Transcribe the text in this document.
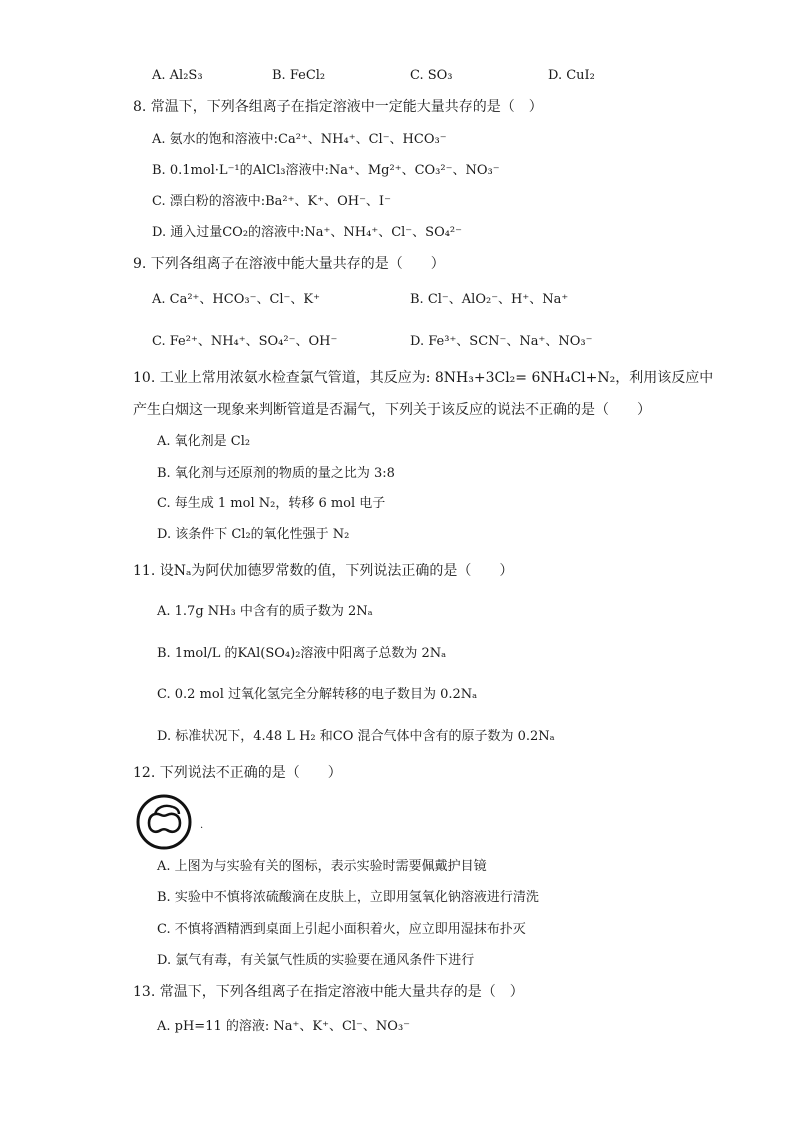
A. Al₂S₃	B. FeCl₂	C. SO₃	D. CuI₂
8. 常温下，下列各组离子在指定溶液中一定能大量共存的是（　）
A. 氨水的饱和溶液中:Ca²⁺、NH₄⁺、Cl⁻、HCO₃⁻
B. 0.1mol·L⁻¹的AlCl₃溶液中:Na⁺、Mg²⁺、CO₃²⁻、NO₃⁻
C. 漂白粉的溶液中:Ba²⁺、K⁺、OH⁻、I⁻
D. 通入过量CO₂的溶液中:Na⁺、NH₄⁺、Cl⁻、SO₄²⁻
9. 下列各组离子在溶液中能大量共存的是（　　）
A. Ca²⁺、HCO₃⁻、Cl⁻、K⁺	B. Cl⁻、AlO₂⁻、H⁺、Na⁺
C. Fe²⁺、NH₄⁺、SO₄²⁻、OH⁻	D. Fe³⁺、SCN⁻、Na⁺、NO₃⁻
10. 工业上常用浓氨水检查氯气管道，其反应为: 8NH₃+3Cl₂= 6NH₄Cl+N₂，利用该反应中
产生白烟这一现象来判断管道是否漏气，下列关于该反应的说法不正确的是（　　）
A. 氧化剂是 Cl₂
B. 氧化剂与还原剂的物质的量之比为 3:8
C. 每生成 1 mol N₂，转移 6 mol 电子
D. 该条件下 Cl₂的氧化性强于 N₂
11. 设Nₐ为阿伏加德罗常数的值，下列说法正确的是（　　）
A. 1.7g NH₃ 中含有的质子数为 2Nₐ
B. 1mol/L 的KAl(SO₄)₂溶液中阳离子总数为 2Nₐ
C. 0.2 mol 过氧化氢完全分解转移的电子数目为 0.2Nₐ
D. 标准状况下，4.48 L H₂ 和CO 混合气体中含有的原子数为 0.2Nₐ
12. 下列说法不正确的是（　　）
.
A. 上图为与实验有关的图标，表示实验时需要佩戴护目镜
B. 实验中不慎将浓硫酸滴在皮肤上，立即用氢氧化钠溶液进行清洗
C. 不慎将酒精洒到桌面上引起小面积着火，应立即用湿抹布扑灭
D. 氯气有毒，有关氯气性质的实验要在通风条件下进行
13. 常温下，下列各组离子在指定溶液中能大量共存的是（　）
A. pH=11 的溶液: Na⁺、K⁺、Cl⁻、NO₃⁻
